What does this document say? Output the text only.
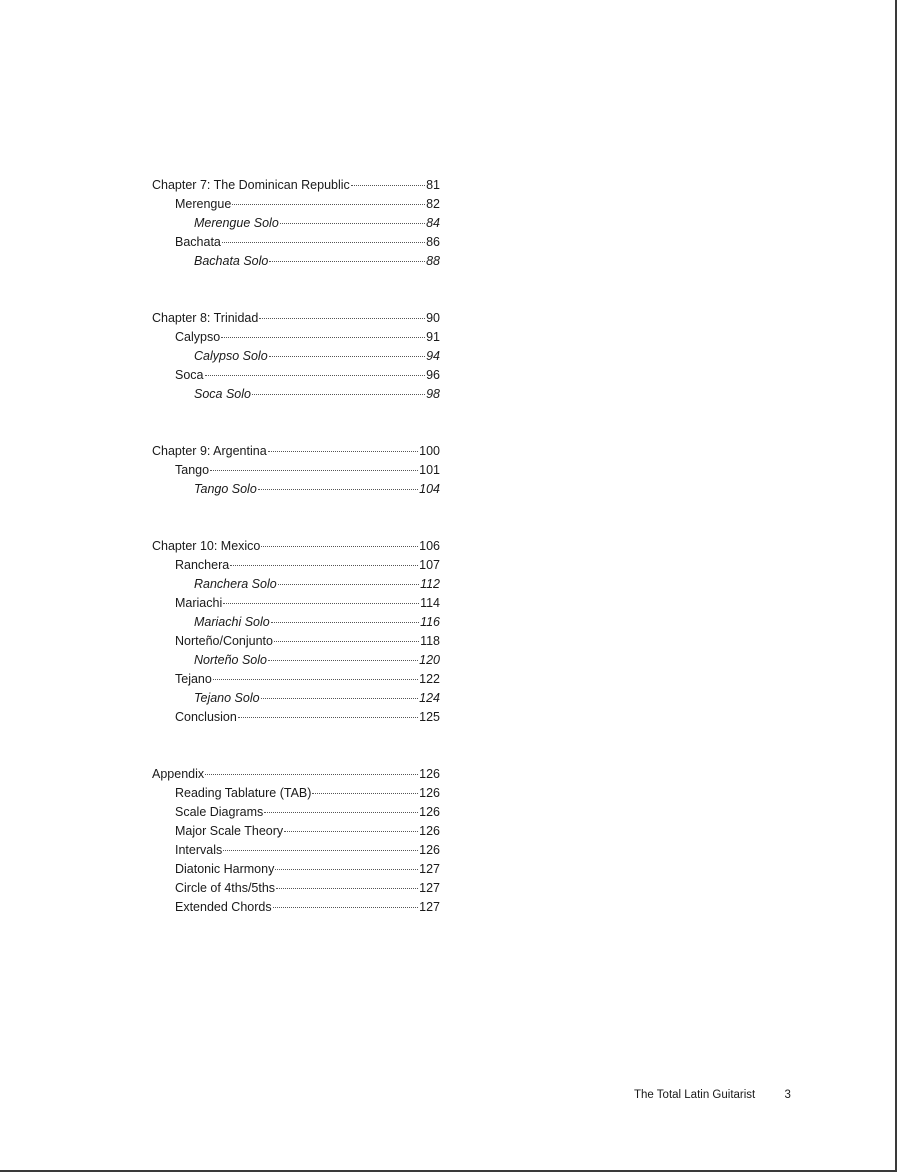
Chapter 7: The Dominican Republic	81
Merengue	82
Merengue Solo	84
Bachata	86
Bachata Solo	88
Chapter 8: Trinidad	90
Calypso	91
Calypso Solo	94
Soca	96
Soca Solo	98
Chapter 9: Argentina	100
Tango	101
Tango Solo	104
Chapter 10: Mexico	106
Ranchera	107
Ranchera Solo	112
Mariachi	114
Mariachi Solo	116
Norteño/Conjunto	118
Norteño Solo	120
Tejano	122
Tejano Solo	124
Conclusion	125
Appendix	126
Reading Tablature (TAB)	126
Scale Diagrams	126
Major Scale Theory	126
Intervals	126
Diatonic Harmony	127
Circle of 4ths/5ths	127
Extended Chords	127
The Total Latin Guitarist	3
